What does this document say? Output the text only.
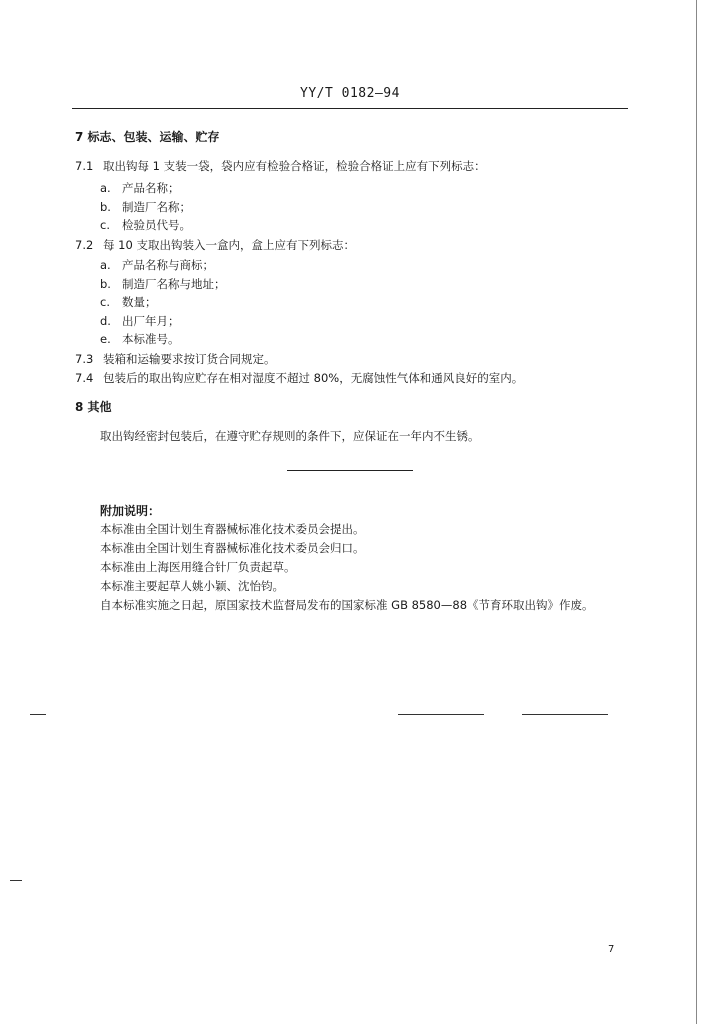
YY/T 0182—94
7 标志、包装、运输、贮存
7.1 取出钩每 1 支装一袋，袋内应有检验合格证，检验合格证上应有下列标志：
a. 产品名称；
b. 制造厂名称；
c. 检验员代号。
7.2 每 10 支取出钩装入一盒内，盒上应有下列标志：
a. 产品名称与商标；
b. 制造厂名称与地址；
c. 数量；
d. 出厂年月；
e. 本标准号。
7.3 装箱和运输要求按订货合同规定。
7.4 包装后的取出钩应贮存在相对湿度不超过 80%，无腐蚀性气体和通风良好的室内。
8 其他
取出钩经密封包装后，在遵守贮存规则的条件下，应保证在一年内不生锈。
附加说明：
本标准由全国计划生育器械标准化技术委员会提出。
本标准由全国计划生育器械标准化技术委员会归口。
本标准由上海医用缝合针厂负责起草。
本标准主要起草人姚小颖、沈怡钧。
自本标准实施之日起，原国家技术监督局发布的国家标准 GB 8580—88《节育环取出钩》作废。
7
